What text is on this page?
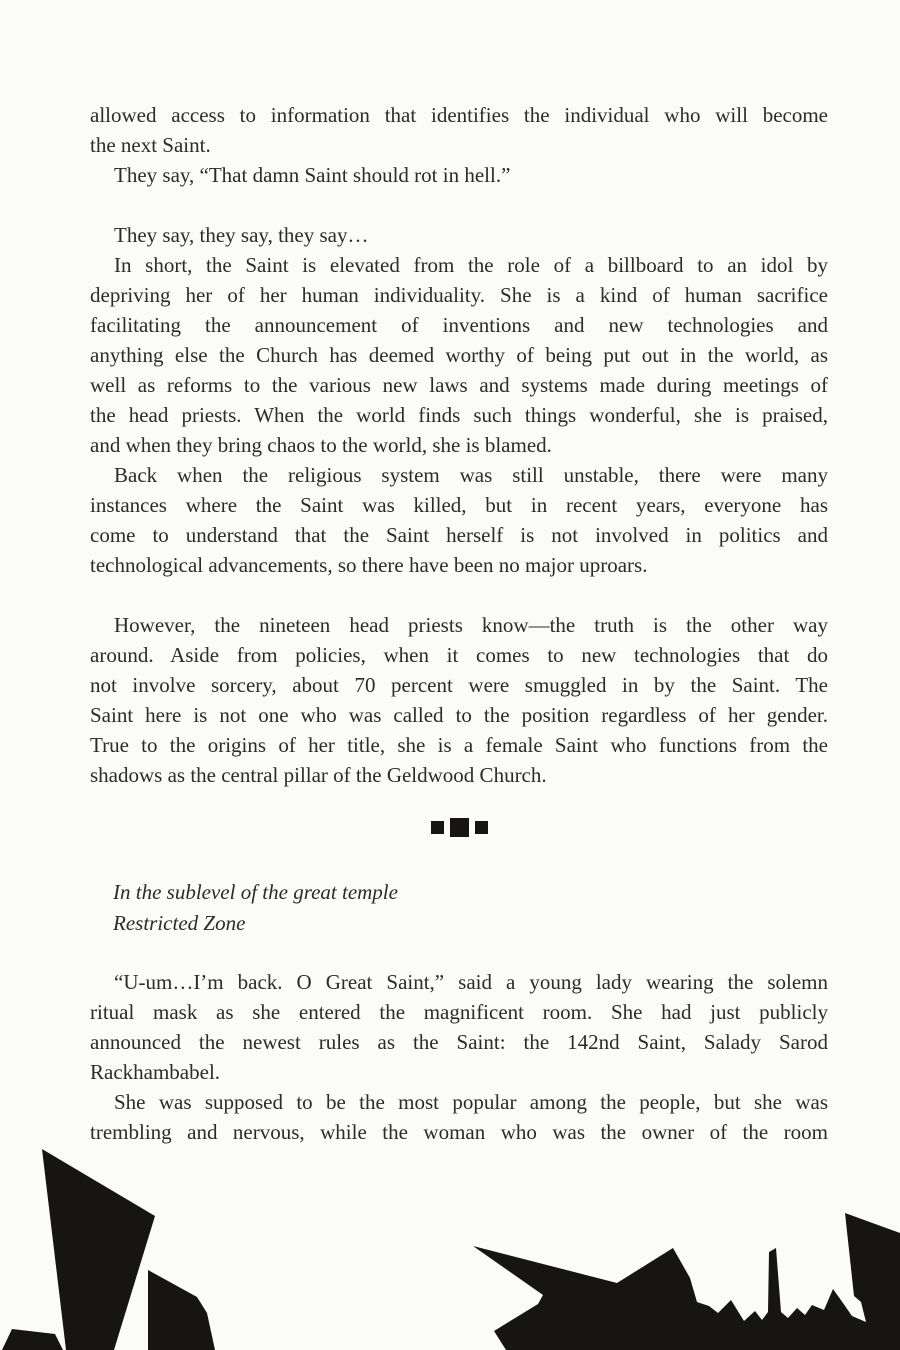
allowed access to information that identifies the individual who will become
the next Saint.
They say, “That damn Saint should rot in hell.”
They say, they say, they say…
In short, the Saint is elevated from the role of a billboard to an idol by
depriving her of her human individuality. She is a kind of human sacrifice
facilitating the announcement of inventions and new technologies and
anything else the Church has deemed worthy of being put out in the world, as
well as reforms to the various new laws and systems made during meetings of
the head priests. When the world finds such things wonderful, she is praised,
and when they bring chaos to the world, she is blamed.
Back when the religious system was still unstable, there were many
instances where the Saint was killed, but in recent years, everyone has
come to understand that the Saint herself is not involved in politics and
technological advancements, so there have been no major uproars.
However, the nineteen head priests know—the truth is the other way
around. Aside from policies, when it comes to new technologies that do
not involve sorcery, about 70 percent were smuggled in by the Saint. The
Saint here is not one who was called to the position regardless of her gender.
True to the origins of her title, she is a female Saint who functions from the
shadows as the central pillar of the Geldwood Church.
In the sublevel of the great temple
Restricted Zone
“U-um…I’m back. O Great Saint,” said a young lady wearing the solemn
ritual mask as she entered the magnificent room. She had just publicly
announced the newest rules as the Saint: the 142nd Saint, Salady Sarod
Rackhambabel.
She was supposed to be the most popular among the people, but she was
trembling and nervous, while the woman who was the owner of the room
